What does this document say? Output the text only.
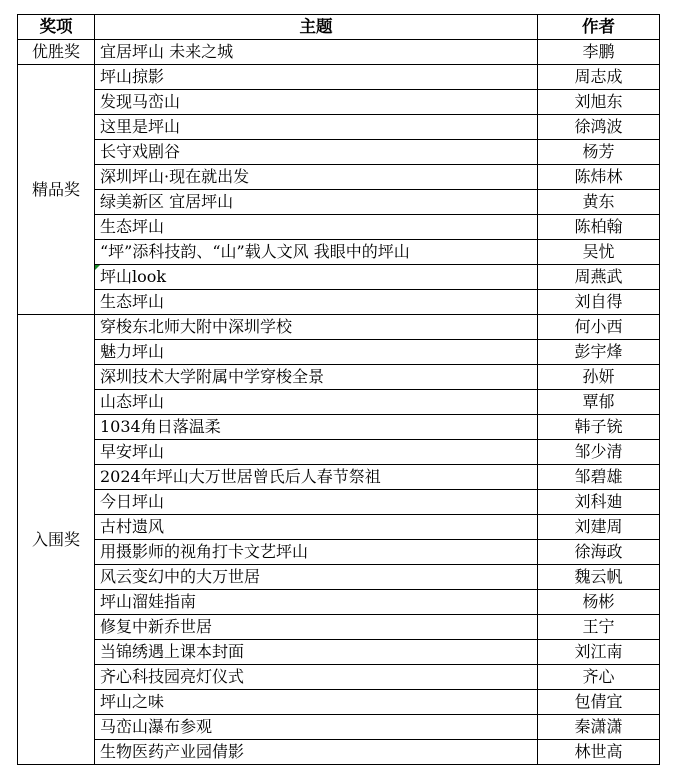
奖项	主题	作者
优胜奖	宜居坪山 未来之城	李鹏
精品奖	坪山掠影	周志成
	发现马峦山	刘旭东
	这里是坪山	徐鸿波
	长守戏剧谷	杨芳
	深圳坪山·现在就出发	陈炜林
	绿美新区 宜居坪山	黄东
	生态坪山	陈柏翰
	“坪”添科技韵、“山”载人文风 我眼中的坪山	吴忧
	坪山look	周燕武
	生态坪山	刘自得
入围奖	穿梭东北师大附中深圳学校	何小西
	魅力坪山	彭宇烽
	深圳技术大学附属中学穿梭全景	孙妍
	山态坪山	覃郁
	1034角日落温柔	韩子铳
	早安坪山	邹少清
	2024年坪山大万世居曾氏后人春节祭祖	邹碧雄
	今日坪山	刘科廸
	古村遗风	刘建周
	用摄影师的视角打卡文艺坪山	徐海政
	风云变幻中的大万世居	魏云帆
	坪山溜娃指南	杨彬
	修复中新乔世居	王宁
	当锦绣遇上课本封面	刘江南
	齐心科技园亮灯仪式	齐心
	坪山之味	包倩宜
	马峦山瀑布参观	秦潇潇
	生物医药产业园倩影	林世高
